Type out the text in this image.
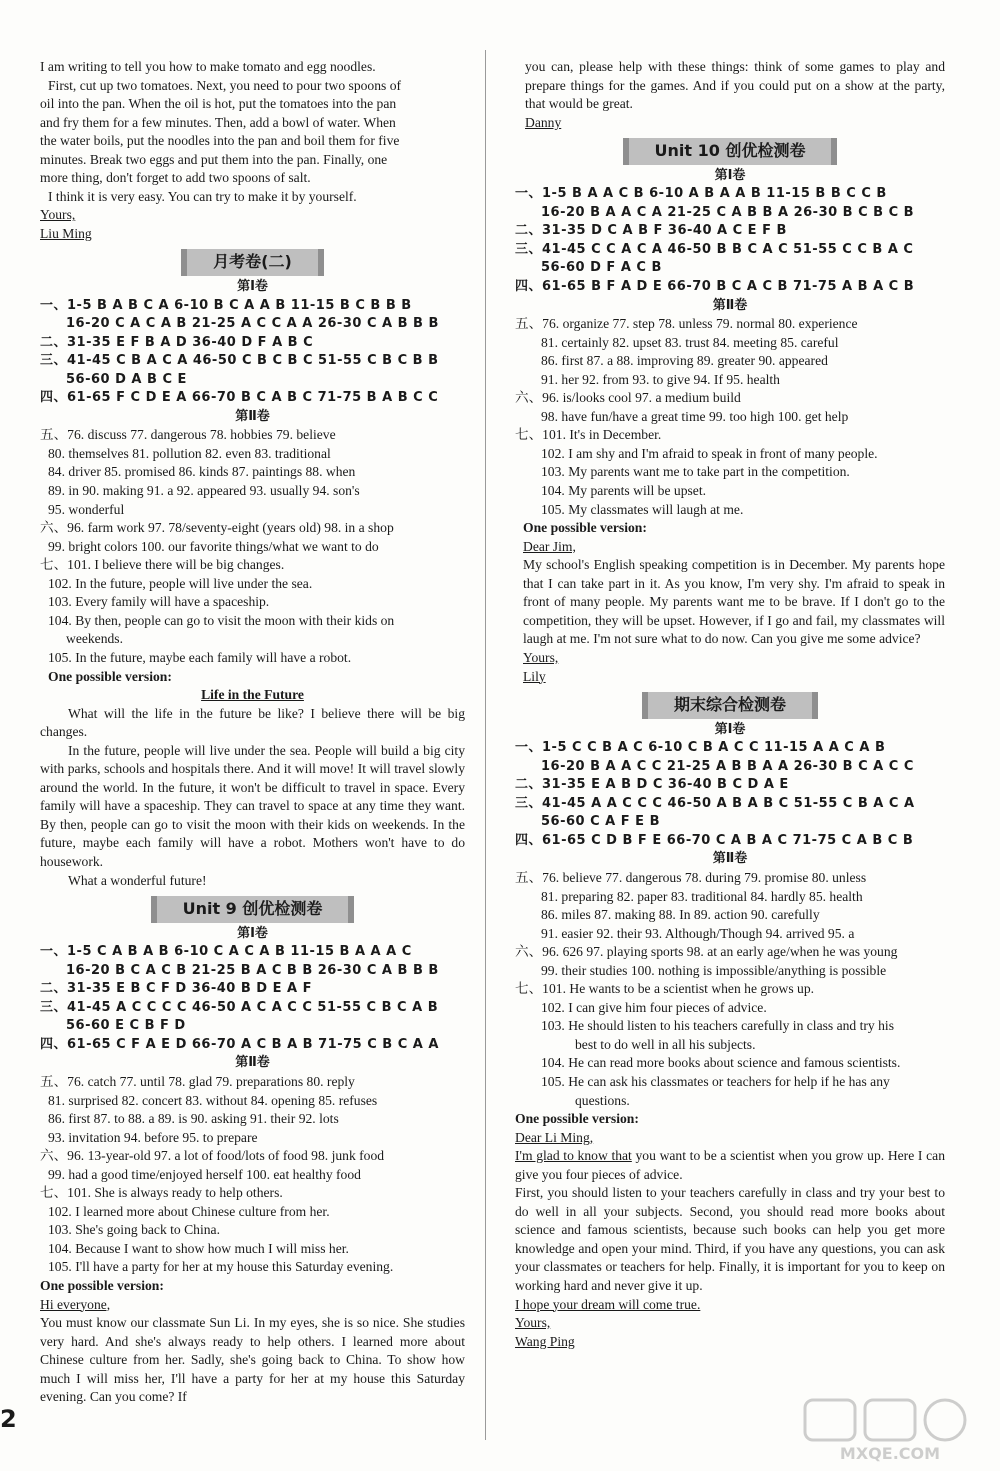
I am writing to tell you how to make tomato and egg noodles.
First, cut up two tomatoes. Next, you need to pour two spoons of
oil into the pan. When the oil is hot, put the tomatoes into the pan
and fry them for a few minutes. Then, add a bowl of water. When
the water boils, put the noodles into the pan and boil them for five
minutes. Break two eggs and put them into the pan. Finally, one
more thing, don't forget to add two spoons of salt.
I think it is very easy. You can try to make it by yourself.
Yours,
Liu Ming
月考卷(二)
第Ⅰ卷
一、1-5 B A B C A 6-10 B C A A B 11-15 B C B B B
16-20 C A C A B 21-25 A C C A A 26-30 C A B B B
二、31-35 E F B A D 36-40 D F A B C
三、41-45 C B A C A 46-50 C B C B C 51-55 C B C B B
56-60 D A B C E
四、61-65 F C D E A 66-70 B C A B C 71-75 B A B C C
第Ⅱ卷
五、76. discuss 77. dangerous 78. hobbies 79. believe
80. themselves 81. pollution 82. even 83. traditional
84. driver 85. promised 86. kinds 87. paintings 88. when
89. in 90. making 91. a 92. appeared 93. usually 94. son's
95. wonderful
六、96. farm work 97. 78/seventy-eight (years old) 98. in a shop
99. bright colors 100. our favorite things/what we want to do
七、101. I believe there will be big changes.
102. In the future, people will live under the sea.
103. Every family will have a spaceship.
104. By then, people can go to visit the moon with their kids on
weekends.
105. In the future, maybe each family will have a robot.
One possible version:
Life in the Future
What will the life in the future be like? I believe there will be big changes.
In the future, people will live under the sea. People will build a big city with parks, schools and hospitals there. And it will move! It will travel slowly around the world. In the future, it won't be difficult to travel in space. Every family will have a spaceship. They can travel to space at any time they want. By then, people can go to visit the moon with their kids on weekends. In the future, maybe each family will have a robot. Mothers won't have to do housework.
What a wonderful future!
Unit 9 创优检测卷
第Ⅰ卷
一、1-5 C A B A B 6-10 C A C A B 11-15 B A A A C
16-20 B C A C B 21-25 B A C B B 26-30 C A B B B
二、31-35 E B C F D 36-40 B D E A F
三、41-45 A C C C C 46-50 A C A C C 51-55 C B C A B
56-60 E C B F D
四、61-65 C F A E D 66-70 A C B A B 71-75 C B C A A
第Ⅱ卷
五、76. catch 77. until 78. glad 79. preparations 80. reply
81. surprised 82. concert 83. without 84. opening 85. refuses
86. first 87. to 88. a 89. is 90. asking 91. their 92. lots
93. invitation 94. before 95. to prepare
六、96. 13-year-old 97. a lot of food/lots of food 98. junk food
99. had a good time/enjoyed herself 100. eat healthy food
七、101. She is always ready to help others.
102. I learned more about Chinese culture from her.
103. She's going back to China.
104. Because I want to show how much I will miss her.
105. I'll have a party for her at my house this Saturday evening.
One possible version:
Hi everyone,
You must know our classmate Sun Li. In my eyes, she is so nice. She studies very hard. And she's always ready to help others. I learned more about Chinese culture from her. Sadly, she's going back to China. To show how much I will miss her, I'll have a party for her at my house this Saturday evening. Can you come? If
you can, please help with these things: think of some games to play and prepare things for the games. And if you could put on a show at the party, that would be great.
Danny
Unit 10 创优检测卷
第Ⅰ卷
一、1-5 B A A C B 6-10 A B A A B 11-15 B B C C B
16-20 B A A C A 21-25 C A B B A 26-30 B C B C B
二、31-35 D C A B F 36-40 A C E F B
三、41-45 C C A C A 46-50 B B C A C 51-55 C C B A C
56-60 D F A C B
四、61-65 B F A D E 66-70 B C A C B 71-75 A B A C B
第Ⅱ卷
五、76. organize 77. step 78. unless 79. normal 80. experience
81. certainly 82. upset 83. trust 84. meeting 85. careful
86. first 87. a 88. improving 89. greater 90. appeared
91. her 92. from 93. to give 94. If 95. health
六、96. is/looks cool 97. a medium build
98. have fun/have a great time 99. too high 100. get help
七、101. It's in December.
102. I am shy and I'm afraid to speak in front of many people.
103. My parents want me to take part in the competition.
104. My parents will be upset.
105. My classmates will laugh at me.
One possible version:
Dear Jim,
My school's English speaking competition is in December. My parents hope that I can take part in it. As you know, I'm very shy. I'm afraid to speak in front of many people. My parents want me to be brave. If I don't go to the competition, they will be upset. However, if I go and fail, my classmates will laugh at me. I'm not sure what to do now. Can you give me some advice?
Yours,
Lily
期末综合检测卷
第Ⅰ卷
一、1-5 C C B A C 6-10 C B A C C 11-15 A A C A B
16-20 B A A C C 21-25 A B B A A 26-30 B C A C C
二、31-35 E A B D C 36-40 B C D A E
三、41-45 A A C C C 46-50 A B A B C 51-55 C B A C A
56-60 C A F E B
四、61-65 C D B F E 66-70 C A B A C 71-75 C A B C B
第Ⅱ卷
五、76. believe 77. dangerous 78. during 79. promise 80. unless
81. preparing 82. paper 83. traditional 84. hardly 85. health
86. miles 87. making 88. In 89. action 90. carefully
91. easier 92. their 93. Although/Though 94. arrived 95. a
六、96. 626 97. playing sports 98. at an early age/when he was young
99. their studies 100. nothing is impossible/anything is possible
七、101. He wants to be a scientist when he grows up.
102. I can give him four pieces of advice.
103. He should listen to his teachers carefully in class and try his
best to do well in all his subjects.
104. He can read more books about science and famous scientists.
105. He can ask his classmates or teachers for help if he has any
questions.
One possible version:
Dear Li Ming,
I'm glad to know that you want to be a scientist when you grow up. Here I can give you four pieces of advice.
First, you should listen to your teachers carefully in class and try your best to do well in all your subjects. Second, you should read more books about science and famous scientists, because such books can help you get more knowledge and open your mind. Third, if you have any questions, you can ask your classmates or teachers for help. Finally, it is important for you to keep on working hard and never give it up.
I hope your dream will come true.
Yours,
Wang Ping
2
MXQE.COM
